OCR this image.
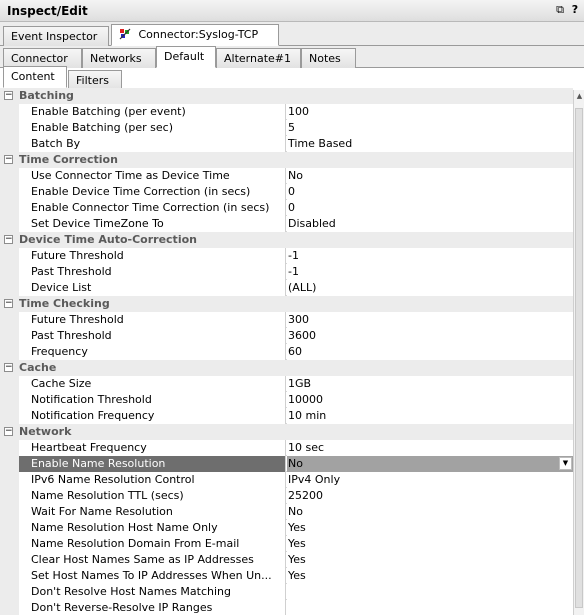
Inspect/Edit	⧉ ?
Event Inspector	Connector:Syslog-TCP
Connector	Networks	Default	Alternate#1	Notes
Content	Filters
− Batching
Enable Batching (per event)	100
Enable Batching (per sec)	5
Batch By	Time Based
− Time Correction
Use Connector Time as Device Time	No
Enable Device Time Correction (in secs)	0
Enable Connector Time Correction (in secs)	0
Set Device TimeZone To	Disabled
− Device Time Auto-Correction
Future Threshold	-1
Past Threshold	-1
Device List	(ALL)
− Time Checking
Future Threshold	300
Past Threshold	3600
Frequency	60
− Cache
Cache Size	1GB
Notification Threshold	10000
Notification Frequency	10 min
− Network
Heartbeat Frequency	10 sec
Enable Name Resolution	No	▼
IPv6 Name Resolution Control	IPv4 Only
Name Resolution TTL (secs)	25200
Wait For Name Resolution	No
Name Resolution Host Name Only	Yes
Name Resolution Domain From E-mail	Yes
Clear Host Names Same as IP Addresses	Yes
Set Host Names To IP Addresses When Un...	Yes
Don't Resolve Host Names Matching
Don't Reverse-Resolve IP Ranges
▲
